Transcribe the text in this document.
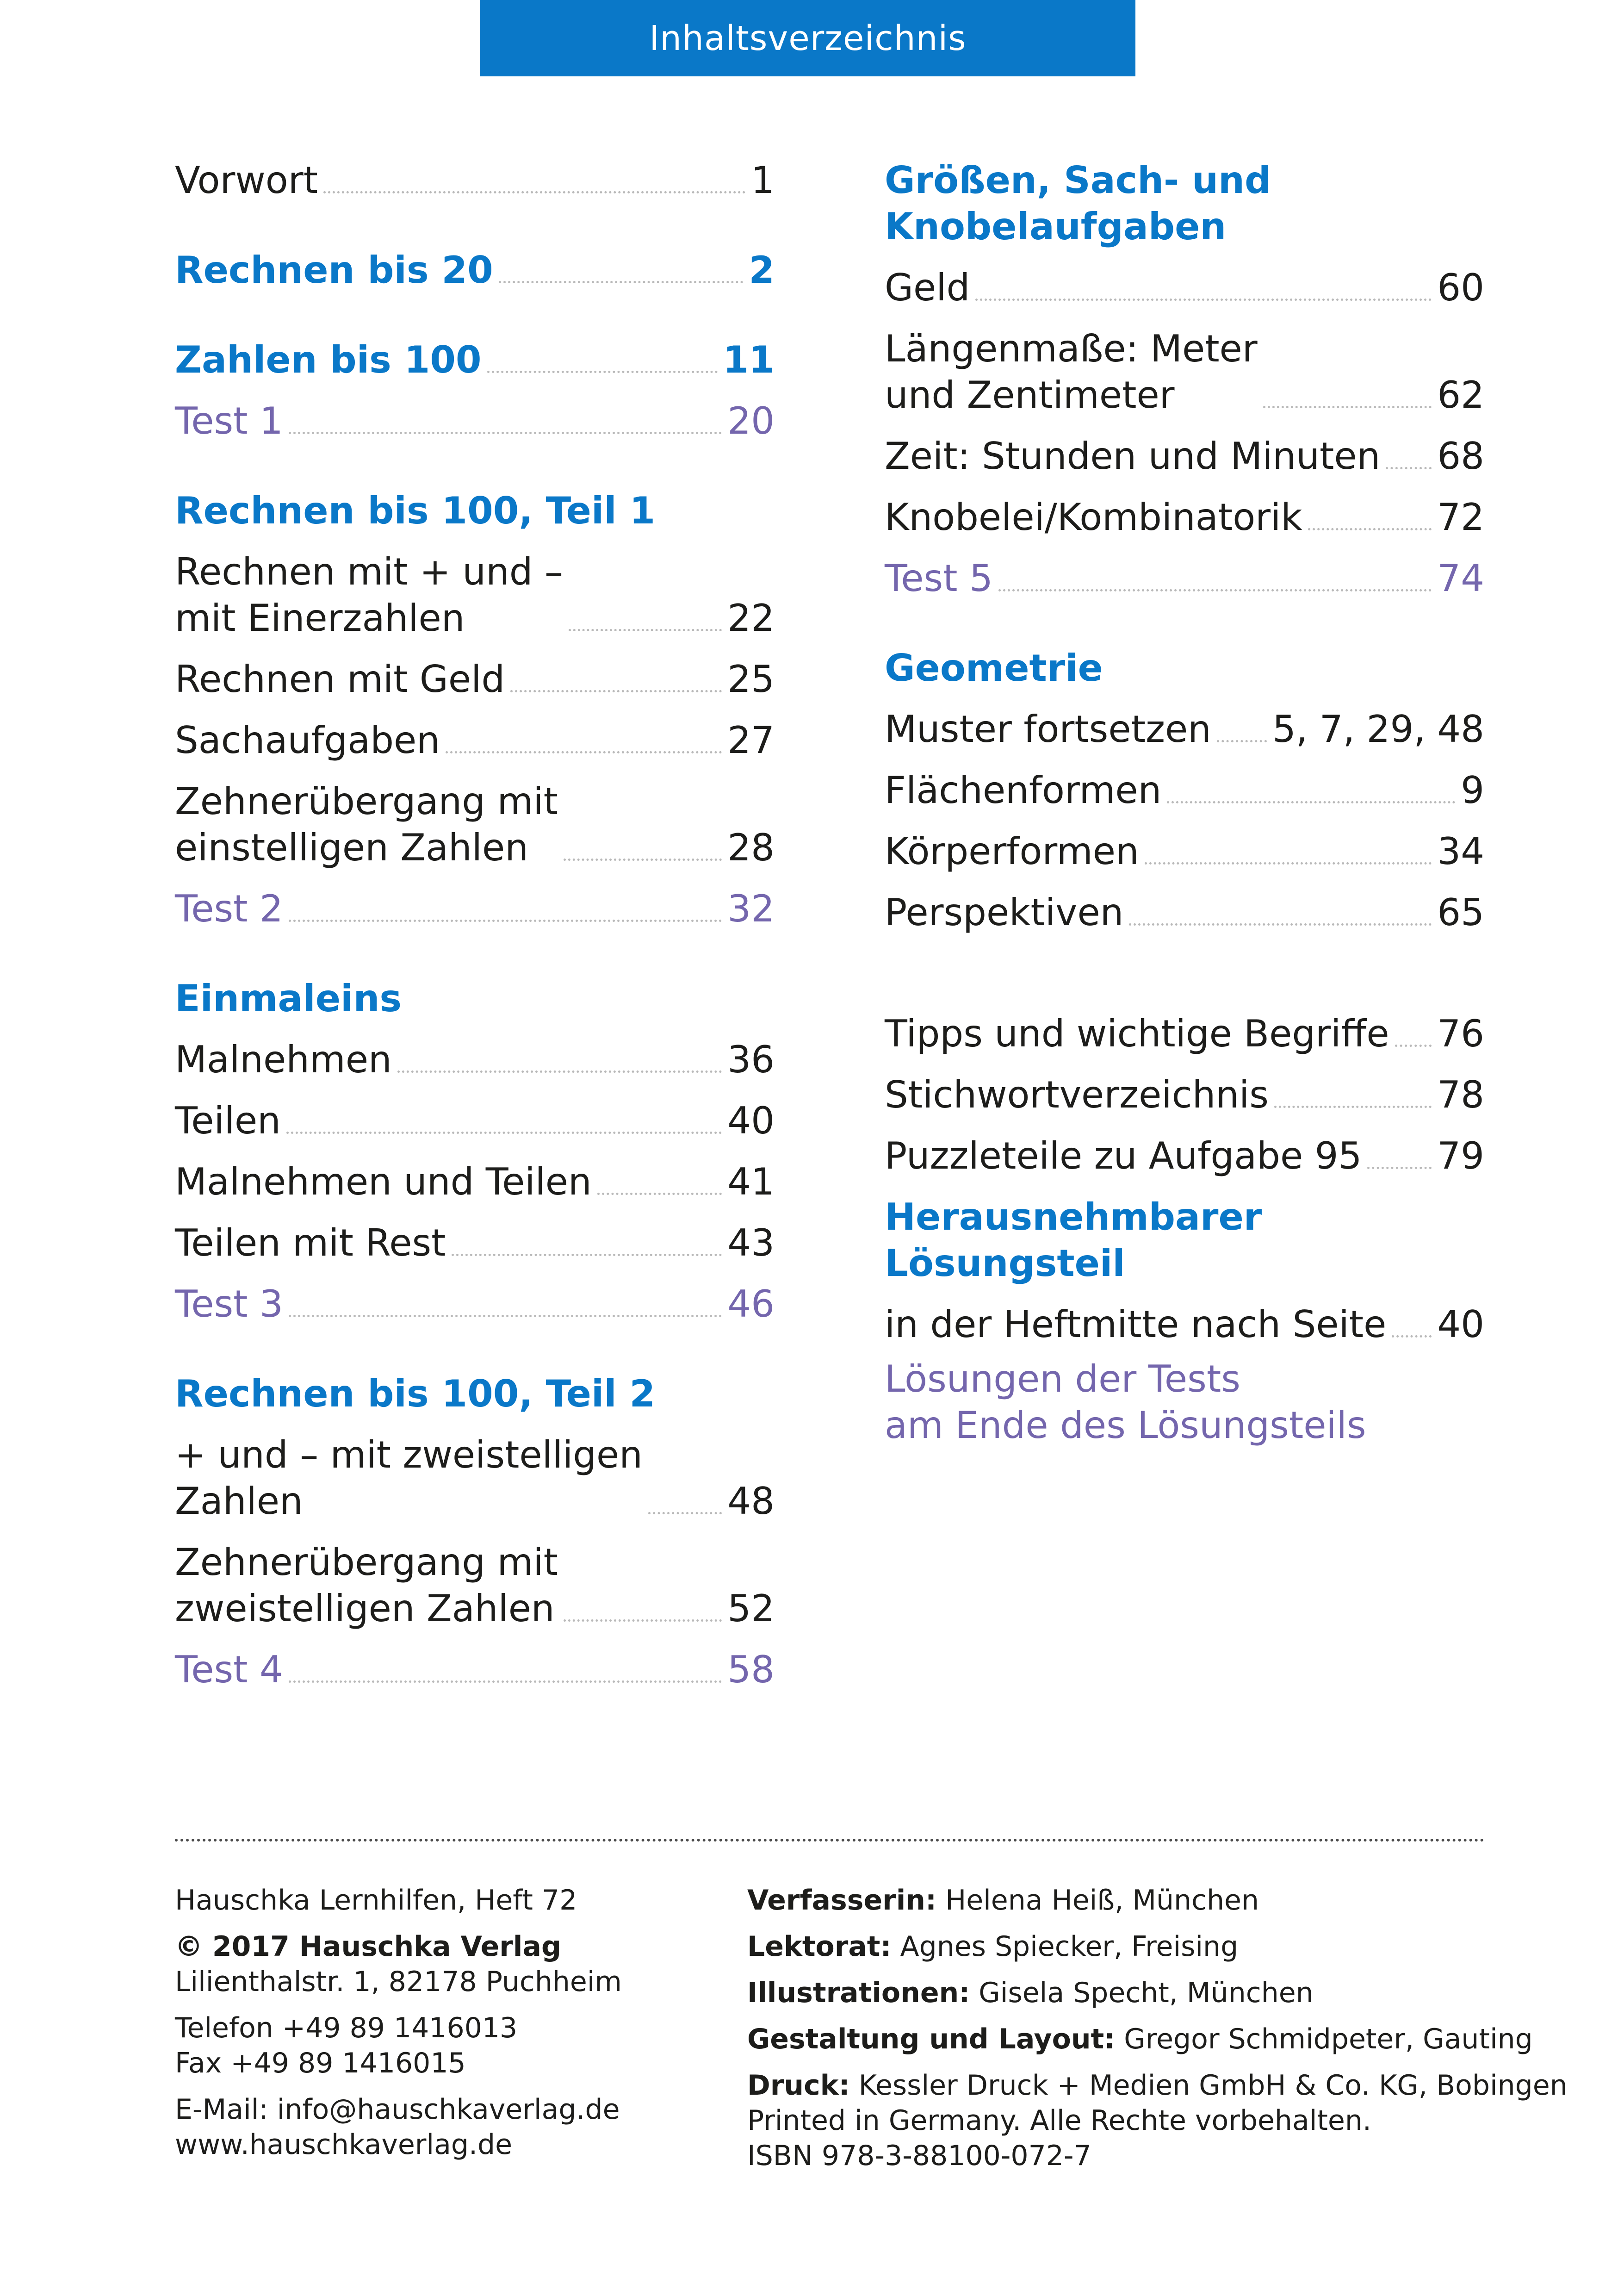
Inhaltsverzeichnis
Vorwort	1
Rechnen bis 20	2
Zahlen bis 100	11
Test 1	20
Rechnen bis 100, Teil 1
Rechnen mit + und –
mit Einerzahlen	22
Rechnen mit Geld	25
Sachaufgaben	27
Zehnerübergang mit
einstelligen Zahlen	28
Test 2	32
Einmaleins
Malnehmen	36
Teilen	40
Malnehmen und Teilen	41
Teilen mit Rest	43
Test 3	46
Rechnen bis 100, Teil 2
+ und – mit zweistelligen
Zahlen	48
Zehnerübergang mit
zweistelligen Zahlen	52
Test 4	58
Größen, Sach- und
Knobelaufgaben
Geld	60
Längenmaße: Meter
und Zentimeter	62
Zeit: Stunden und Minuten 68
Knobelei/Kombinatorik	72
Test 5	74
Geometrie
Muster fortsetzen 5, 7, 29, 48
Flächenformen	9
Körperformen	34
Perspektiven	65
Tipps und wichtige Begriffe 76
Stichwortverzeichnis	78
Puzzleteile zu Aufgabe 95 79
Herausnehmbarer Lösungsteil
in der Heftmitte nach Seite 40
Lösungen der Tests
am Ende des Lösungsteils
Hauschka Lernhilfen, Heft 72
© 2017 Hauschka Verlag
Lilienthalstr. 1, 82178 Puchheim
Telefon +49 89 1416013
Fax +49 89 1416015
E-Mail: info@hauschkaverlag.de
www.hauschkaverlag.de
Verfasserin: Helena Heiß, München
Lektorat: Agnes Spiecker, Freising
Illustrationen: Gisela Specht, München
Gestaltung und Layout: Gregor Schmidpeter, Gauting
Druck: Kessler Druck + Medien GmbH & Co. KG, Bobingen
Printed in Germany. Alle Rechte vorbehalten.
ISBN 978-3-88100-072-7
